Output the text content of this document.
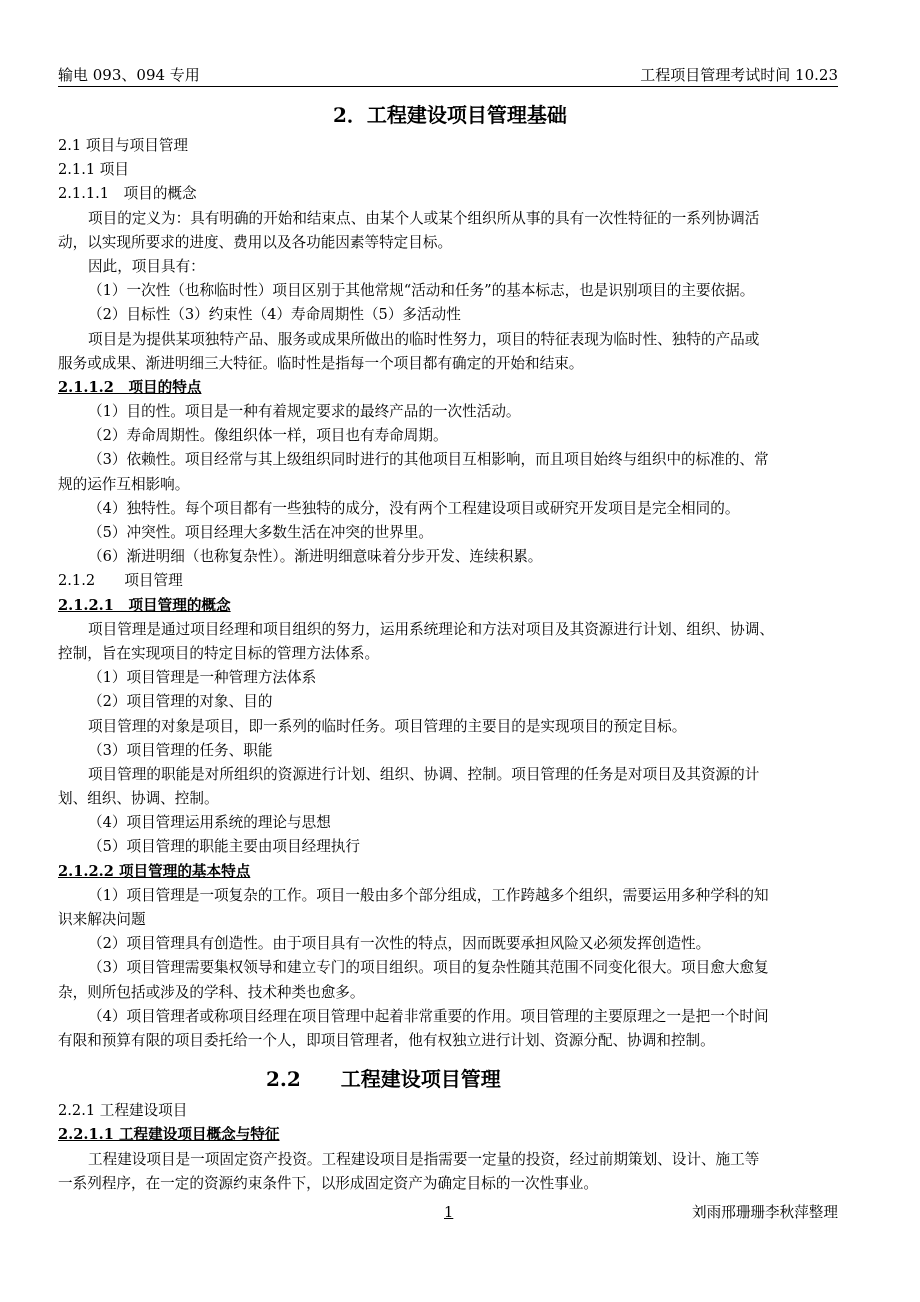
输电 093、094 专用	工程项目管理考试时间 10.23
2．工程建设项目管理基础
2.1 项目与项目管理
2.1.1 项目
2.1.1.1　项目的概念
项目的定义为：具有明确的开始和结束点、由某个人或某个组织所从事的具有一次性特征的一系列协调活
动，以实现所要求的进度、费用以及各功能因素等特定目标。
因此，项目具有：
（1）一次性（也称临时性）项目区别于其他常规“活动和任务”的基本标志，也是识别项目的主要依据。
（2）目标性（3）约束性（4）寿命周期性（5）多活动性
项目是为提供某项独特产品、服务或成果所做出的临时性努力，项目的特征表现为临时性、独特的产品或
服务或成果、渐进明细三大特征。临时性是指每一个项目都有确定的开始和结束。
2.1.1.2　项目的特点
（1）目的性。项目是一种有着规定要求的最终产品的一次性活动。
（2）寿命周期性。像组织体一样，项目也有寿命周期。
（3）依赖性。项目经常与其上级组织同时进行的其他项目互相影响，而且项目始终与组织中的标准的、常
规的运作互相影响。
（4）独特性。每个项目都有一些独特的成分，没有两个工程建设项目或研究开发项目是完全相同的。
（5）冲突性。项目经理大多数生活在冲突的世界里。
（6）渐进明细（也称复杂性）。渐进明细意味着分步开发、连续积累。
2.1.2　　项目管理
2.1.2.1　项目管理的概念
项目管理是通过项目经理和项目组织的努力，运用系统理论和方法对项目及其资源进行计划、组织、协调、
控制，旨在实现项目的特定目标的管理方法体系。
（1）项目管理是一种管理方法体系
（2）项目管理的对象、目的
项目管理的对象是项目，即一系列的临时任务。项目管理的主要目的是实现项目的预定目标。
（3）项目管理的任务、职能
项目管理的职能是对所组织的资源进行计划、组织、协调、控制。项目管理的任务是对项目及其资源的计
划、组织、协调、控制。
（4）项目管理运用系统的理论与思想
（5）项目管理的职能主要由项目经理执行
2.1.2.2 项目管理的基本特点
（1）项目管理是一项复杂的工作。项目一般由多个部分组成，工作跨越多个组织，需要运用多种学科的知
识来解决问题
（2）项目管理具有创造性。由于项目具有一次性的特点，因而既要承担风险又必须发挥创造性。
（3）项目管理需要集权领导和建立专门的项目组织。项目的复杂性随其范围不同变化很大。项目愈大愈复
杂，则所包括或涉及的学科、技术种类也愈多。
（4）项目管理者或称项目经理在项目管理中起着非常重要的作用。项目管理的主要原理之一是把一个时间
有限和预算有限的项目委托给一个人，即项目管理者，他有权独立进行计划、资源分配、协调和控制。
2.2　　工程建设项目管理
2.2.1 工程建设项目
2.2.1.1 工程建设项目概念与特征
工程建设项目是一项固定资产投资。工程建设项目是指需要一定量的投资，经过前期策划、设计、施工等
一系列程序，在一定的资源约束条件下，以形成固定资产为确定目标的一次性事业。
1	刘雨邢珊珊李秋萍整理
